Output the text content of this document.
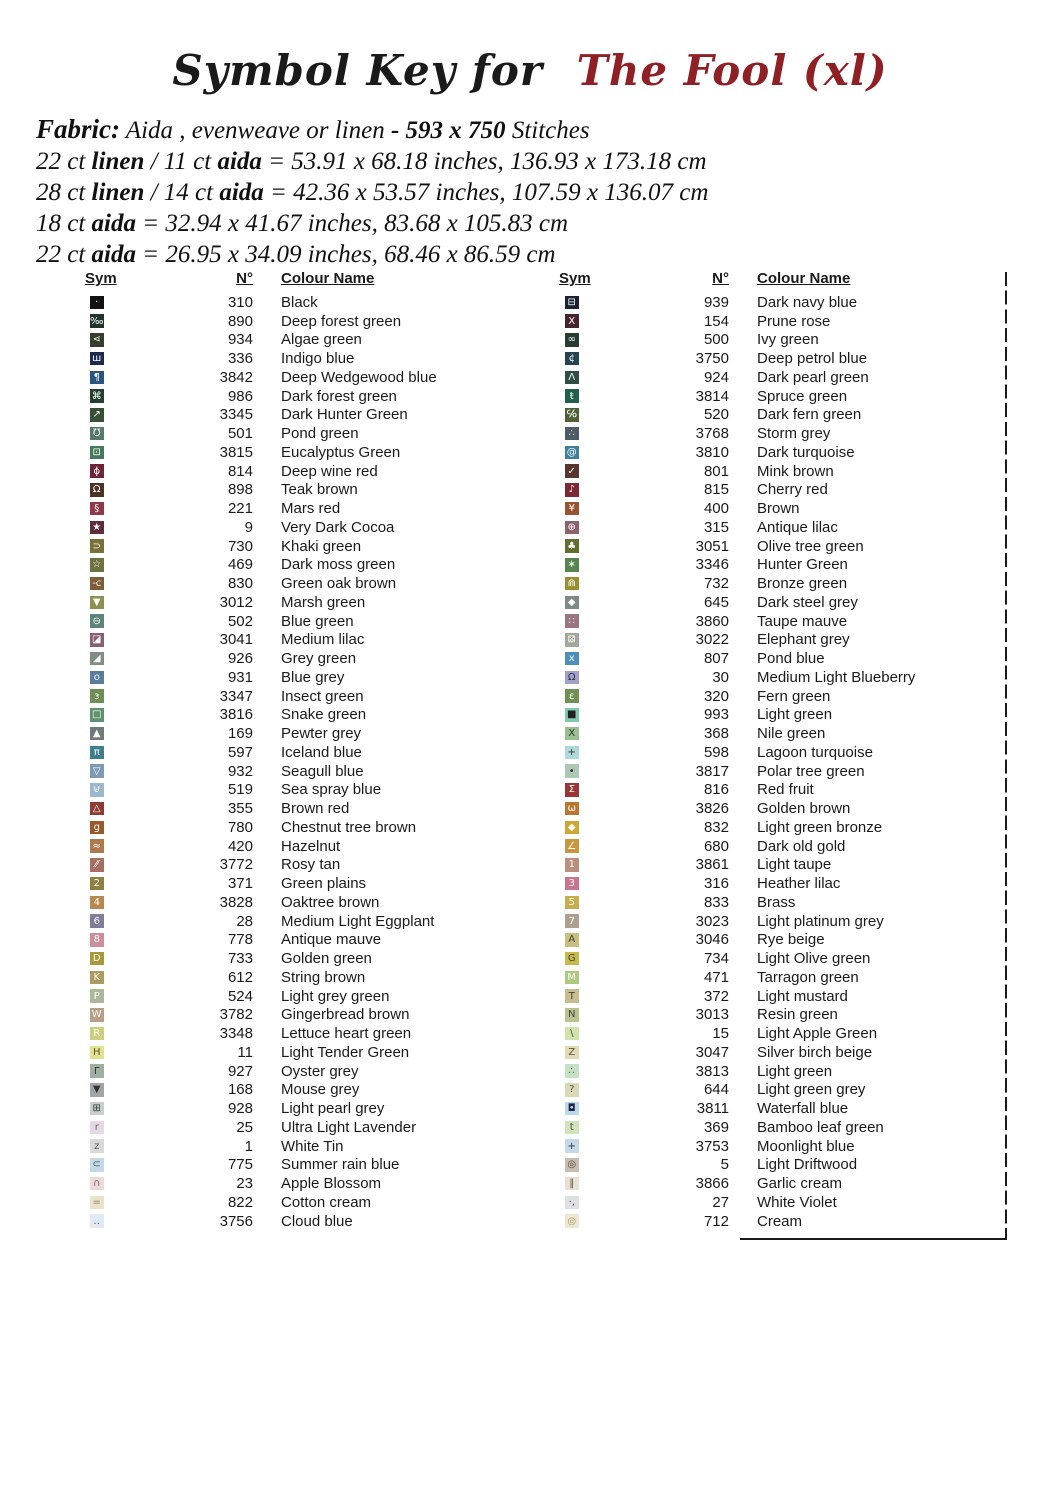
Symbol Key for The Fool (xl)
Fabric: Aida , evenweave or linen - 593 x 750 Stitches
22 ct linen / 11 ct aida = 53.91 x 68.18 inches, 136.93 x 173.18 cm
28 ct linen / 14 ct aida = 42.36 x 53.57 inches, 107.59 x 136.07 cm
18 ct aida = 32.94 x 41.67 inches, 83.68 x 105.83 cm
22 ct aida = 26.95 x 34.09 inches, 68.46 x 86.59 cm
Sym	N°	Colour Name
·	310	Black
‰	890	Deep forest green
⋖	934	Algae green
ш	336	Indigo blue
¶	3842	Deep Wedgewood blue
⌘	986	Dark forest green
↗	3345	Dark Hunter Green
℧	501	Pond green
⊡	3815	Eucalyptus Green
ϕ	814	Deep wine red
Ω	898	Teak brown
§	221	Mars red
★	9	Very Dark Cocoa
⊃	730	Khaki green
☆	469	Dark moss green
-c	830	Green oak brown
▼	3012	Marsh green
⊖	502	Blue green
◪	3041	Medium lilac
◢	926	Grey green
o	931	Blue grey
ɜ	3347	Insect green
□	3816	Snake green
▲	169	Pewter grey
π	597	Iceland blue
▽	932	Seagull blue
⊎	519	Sea spray blue
△	355	Brown red
g	780	Chestnut tree brown
≈	420	Hazelnut
⁄⁄	3772	Rosy tan
2	371	Green plains
4	3828	Oaktree brown
6	28	Medium Light Eggplant
8	778	Antique mauve
D	733	Golden green
K	612	String brown
P	524	Light grey green
W	3782	Gingerbread brown
R	3348	Lettuce heart green
H	11	Light Tender Green
Γ	927	Oyster grey
▼	168	Mouse grey
⊞	928	Light pearl grey
r	25	Ultra Light Lavender
z	1	White Tin
⊂	775	Summer rain blue
∩	23	Apple Blossom
=	822	Cotton cream
‥	3756	Cloud blue
Sym	N°	Colour Name
⊟	939	Dark navy blue
X	154	Prune rose
∞	500	Ivy green
¢	3750	Deep petrol blue
Ʌ	924	Dark pearl green
ŧ	3814	Spruce green
℅	520	Dark fern green
∴	3768	Storm grey
@	3810	Dark turquoise
✓	801	Mink brown
♪	815	Cherry red
¥	400	Brown
⊕	315	Antique lilac
♣	3051	Olive tree green
∗	3346	Hunter Green
⋒	732	Bronze green
◆	645	Dark steel grey
∷	3860	Taupe mauve
⊠	3022	Elephant grey
x	807	Pond blue
Ω	30	Medium Light Blueberry
ε	320	Fern green
■	993	Light green
X	368	Nile green
+	598	Lagoon turquoise
•	3817	Polar tree green
Σ	816	Red fruit
ω	3826	Golden brown
◆	832	Light green bronze
∠	680	Dark old gold
1	3861	Light taupe
3	316	Heather lilac
5	833	Brass
7	3023	Light platinum grey
A	3046	Rye beige
G	734	Light Olive green
M	471	Tarragon green
T	372	Light mustard
N	3013	Resin green
\	15	Light Apple Green
Z	3047	Silver birch beige
∴	3813	Light green
?	644	Light green grey
◘	3811	Waterfall blue
t	369	Bamboo leaf green
+	3753	Moonlight blue
◎	5	Light Driftwood
‖	3866	Garlic cream
·,	27	White Violet
◎	712	Cream
